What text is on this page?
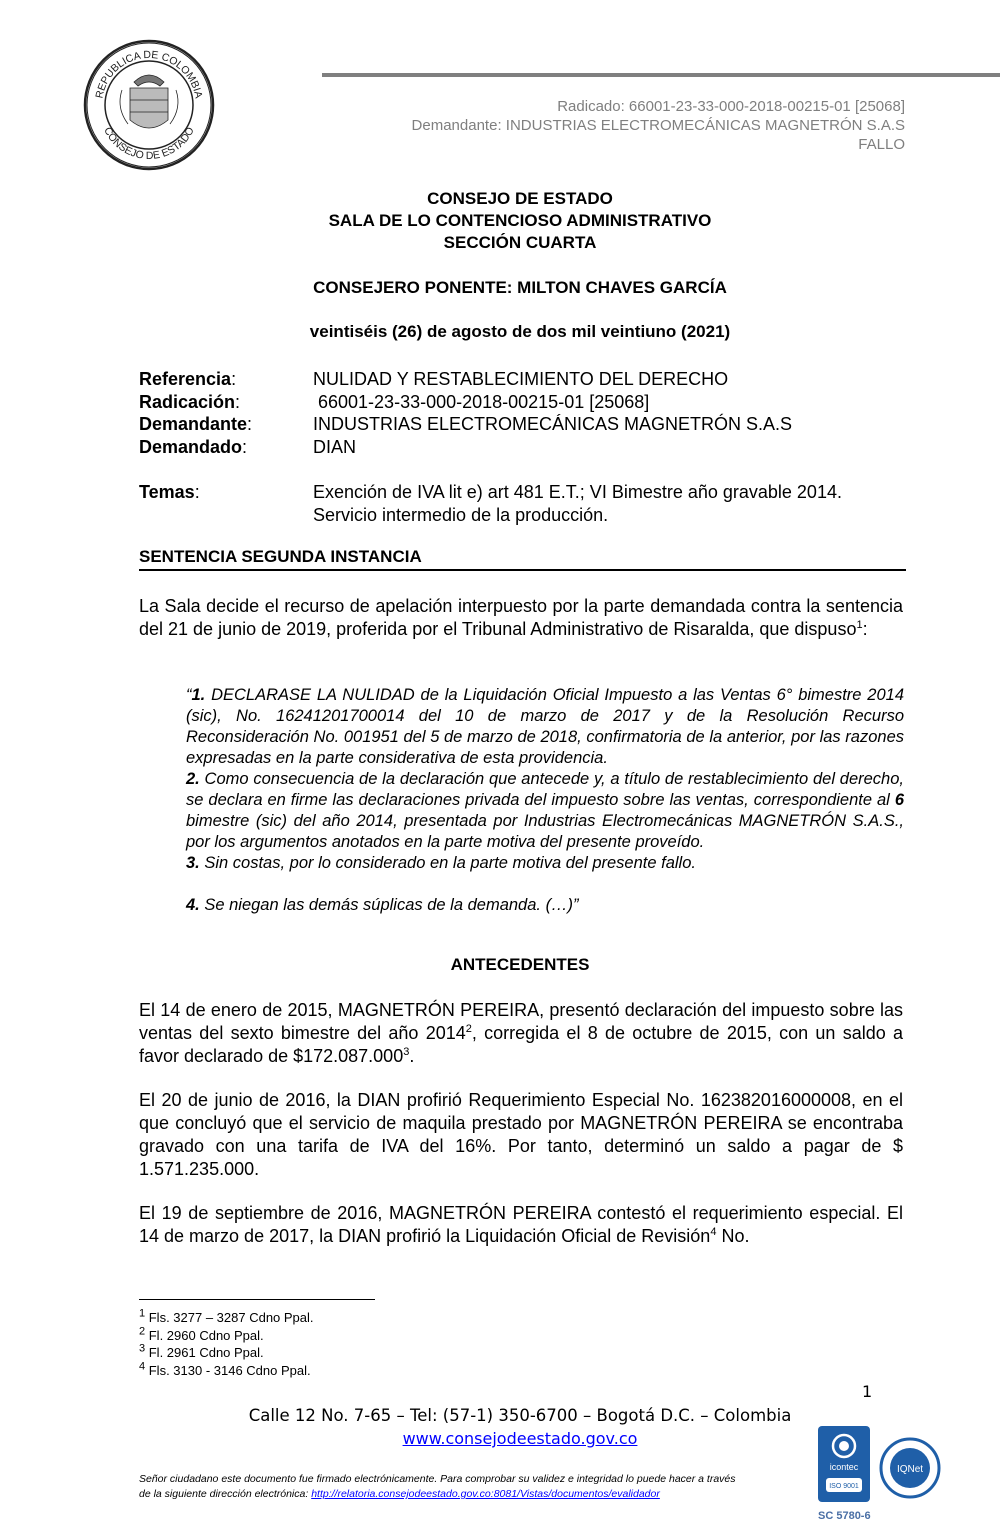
REPUBLICA DE COLOMBIA
CONSEJO DE ESTADO
Radicado: 66001-23-33-000-2018-00215-01 [25068]
Demandante: INDUSTRIAS ELECTROMECÁNICAS MAGNETRÓN S.A.S
FALLO
CONSEJO DE ESTADO
SALA DE LO CONTENCIOSO ADMINISTRATIVO
SECCIÓN CUARTA
CONSEJERO PONENTE: MILTON CHAVES GARCÍA
veintiséis (26) de agosto de dos mil veintiuno (2021)
Referencia:	NULIDAD Y RESTABLECIMIENTO DEL DERECHO
Radicación:	66001-23-33-000-2018-00215-01 [25068]
Demandante:	INDUSTRIAS ELECTROMECÁNICAS MAGNETRÓN S.A.S
Demandado:	DIAN
Temas:	Exención de IVA lit e) art 481 E.T.; VI Bimestre año gravable 2014.
Servicio intermedio de la producción.
SENTENCIA SEGUNDA INSTANCIA
La Sala decide el recurso de apelación interpuesto por la parte demandada contra la sentencia del 21 de junio de 2019, proferida por el Tribunal Administrativo de Risaralda, que dispuso$^1$:
“1. DECLARASE LA NULIDAD de la Liquidación Oficial Impuesto a las Ventas 6° bimestre 2014 (sic), No. 16241201700014 del 10 de marzo de 2017 y de la Resolución Recurso Reconsideración No. 001951 del 5 de marzo de 2018, confirmatoria de la anterior, por las razones expresadas en la parte considerativa de esta providencia.
2. Como consecuencia de la declaración que antecede y, a título de restablecimiento del derecho, se declara en firme las declaraciones privada del impuesto sobre las ventas, correspondiente al 6 bimestre (sic) del año 2014, presentada por Industrias Electromecánicas MAGNETRÓN S.A.S., por los argumentos anotados en la parte motiva del presente proveído.
3. Sin costas, por lo considerado en la parte motiva del presente fallo.
4. Se niegan las demás súplicas de la demanda. (…)”
ANTECEDENTES
El 14 de enero de 2015, MAGNETRÓN PEREIRA, presentó declaración del impuesto sobre las ventas del sexto bimestre del año 2014$^2$, corregida el 8 de octubre de 2015, con un saldo a favor declarado de $172.087.000$^3$.
El 20 de junio de 2016, la DIAN profirió Requerimiento Especial No. 162382016000008, en el que concluyó que el servicio de maquila prestado por MAGNETRÓN PEREIRA se encontraba gravado con una tarifa de IVA del 16%. Por tanto, determinó un saldo a pagar de $ 1.571.235.000.
El 19 de septiembre de 2016, MAGNETRÓN PEREIRA contestó el requerimiento especial. El 14 de marzo de 2017, la DIAN profirió la Liquidación Oficial de Revisión$^4$ No.
$^1$ Fls. 3277 – 3287 Cdno Ppal.
$^2$ Fl. 2960 Cdno Ppal.
$^3$ Fl. 2961 Cdno Ppal.
$^4$ Fls. 3130 - 3146 Cdno Ppal.
1
Calle 12 No. 7-65 – Tel: (57-1) 350-6700 – Bogotá D.C. – Colombia
www.consejodeestado.gov.co
Señor ciudadano este documento fue firmado electrónicamente. Para comprobar su validez e integridad lo puede hacer a través
de la siguiente dirección electrónica: http://relatoria.consejodeestado.gov.co:8081/Vistas/documentos/evalidador
icontec
ISO 9001
IQNet
SC 5780-6
